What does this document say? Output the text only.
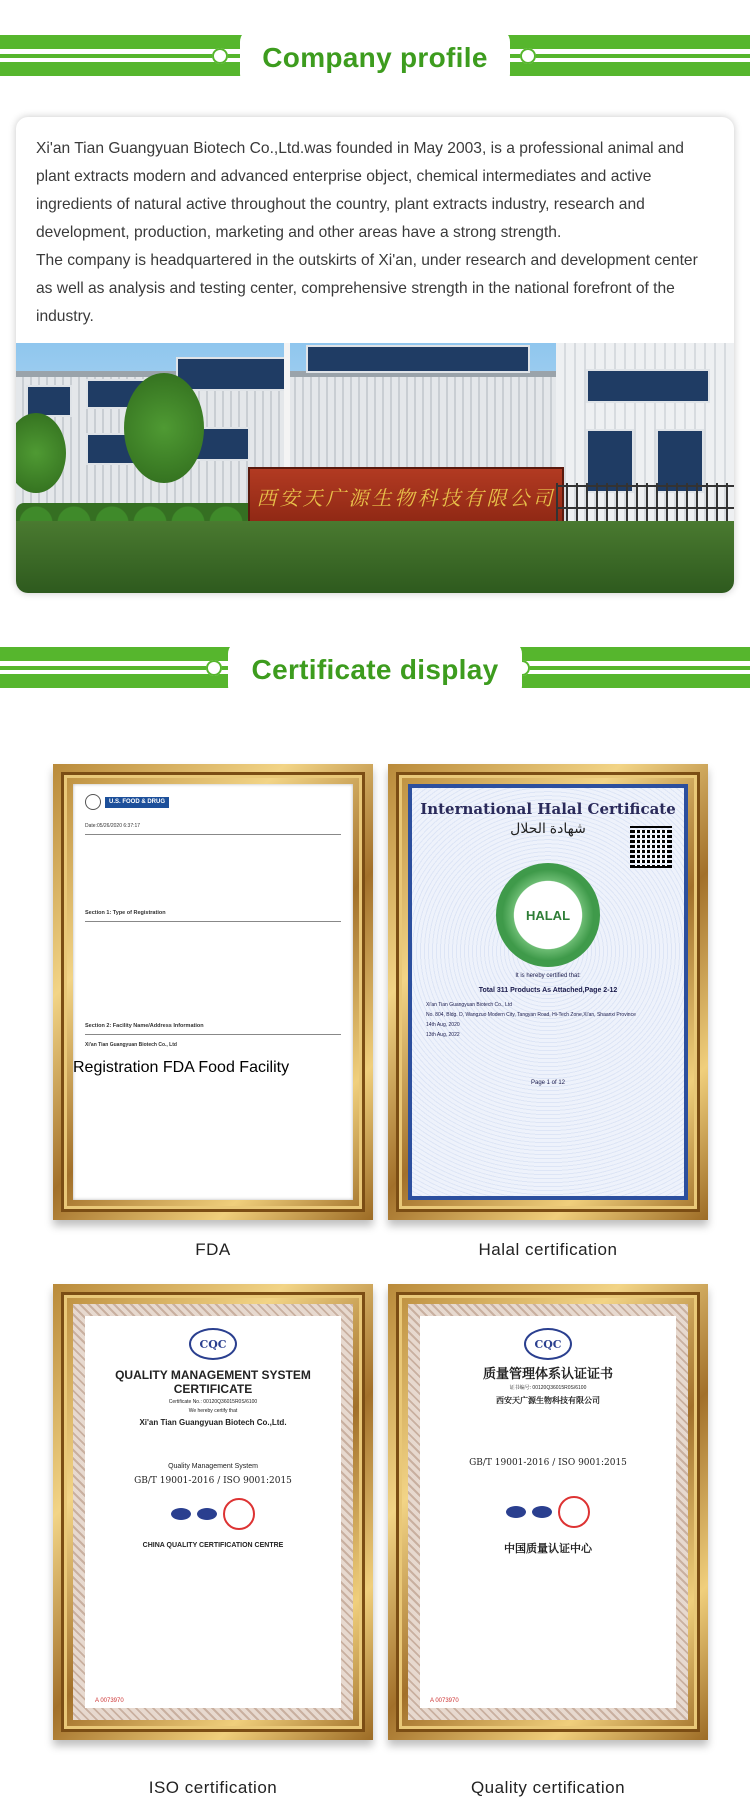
Company profile

Xi'an Tian Guangyuan Biotech Co.,Ltd.was founded in May 2003, is a professional animal and plant extracts modern and advanced enterprise object, chemical intermediates and active ingredients of natural active throughout the country, plant extracts industry, research and development, production, marketing and other areas have a strong strength.

The company is headquartered in the outskirts of Xi'an, under research and development center as well as analysis and testing center, comprehensive strength in the national forefront of the industry.

西安天广源生物科技有限公司
Certificate display
U.S. FOOD & DRUG
Date:05/26/2020 6:37:17
Section 1: Type of Registration
Section 2: Facility Name/Address Information
Xi'an Tian Guangyuan Biotech Co., Ltd
Registration FDA Food Facility
FDA
International Halal Certificate
شهادة الحلال
HALAL
It is hereby certified that:
Total 311 Products As Attached,Page 2-12
Xi'an Tian Guangyuan Biotech Co., Ltd
No. 804, Bldg. D, Wangzuo Modern City, Tangyan Road, Hi-Tech Zone,Xi'an, Shaanxi Province
14th Aug, 2020
13th Aug, 2022
Page 1 of 12
Halal certification
CQC
QUALITY MANAGEMENT SYSTEM CERTIFICATE
Certificate No.: 00120Q36015R0S/6100
We hereby certify that
Xi'an Tian Guangyuan Biotech Co.,Ltd.
Quality Management System
GB/T 19001-2016 / ISO 9001:2015
CHINA QUALITY CERTIFICATION CENTRE
A 0073970
ISO certification
CQC
质量管理体系认证证书
证书编号: 00120Q36015R0S/6100
西安天广源生物科技有限公司
GB/T 19001-2016 / ISO 9001:2015
中国质量认证中心
A 0073970
Quality certification
